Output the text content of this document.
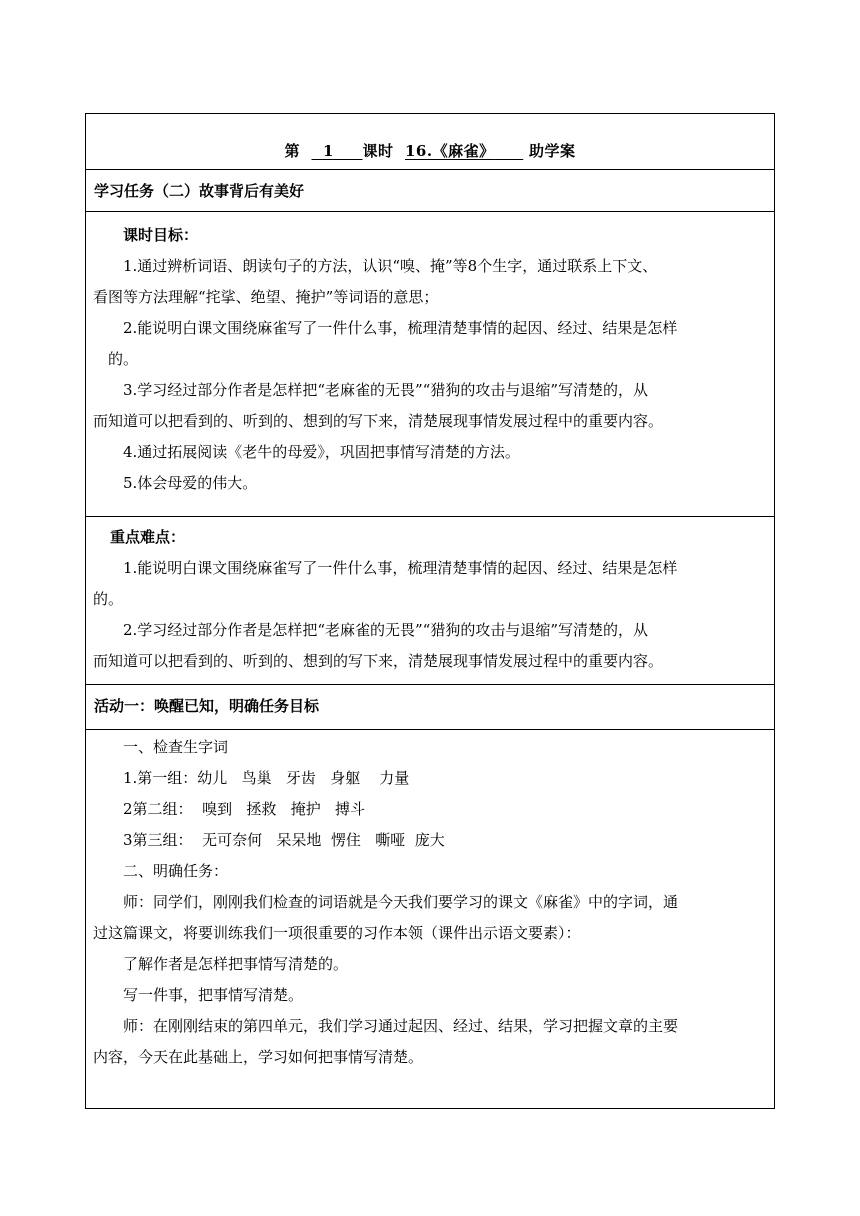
第 1 课时 16.《麻雀》 助学案
学习任务（二）故事背后有美好
课时目标：
1.通过辨析词语、朗读句子的方法，认识“嗅、掩”等8个生字，通过联系上下文、
看图等方法理解“挓挲、绝望、掩护”等词语的意思；
2.能说明白课文围绕麻雀写了一件什么事，梳理清楚事情的起因、经过、结果是怎样
的。
3.学习经过部分作者是怎样把“老麻雀的无畏”“猎狗的攻击与退缩”写清楚的，从
而知道可以把看到的、听到的、想到的写下来，清楚展现事情发展过程中的重要内容。
4.通过拓展阅读《老牛的母爱》，巩固把事情写清楚的方法。
5.体会母爱的伟大。
重点难点：
1.能说明白课文围绕麻雀写了一件什么事，梳理清楚事情的起因、经过、结果是怎样
的。
2.学习经过部分作者是怎样把“老麻雀的无畏”“猎狗的攻击与退缩”写清楚的，从
而知道可以把看到的、听到的、想到的写下来，清楚展现事情发展过程中的重要内容。
活动一：唤醒已知，明确任务目标
一、检查生字词
1.第一组：幼儿   鸟巢   牙齿   身躯    力量
2第二组：  嗅到   拯救   掩护   搏斗
3第三组：  无可奈何   呆呆地  愣住   嘶哑  庞大
二、明确任务：
师：同学们，刚刚我们检查的词语就是今天我们要学习的课文《麻雀》中的字词，通
过这篇课文，将要训练我们一项很重要的习作本领（课件出示语文要素）：
了解作者是怎样把事情写清楚的。
写一件事，把事情写清楚。
师：在刚刚结束的第四单元，我们学习通过起因、经过、结果，学习把握文章的主要
内容，今天在此基础上，学习如何把事情写清楚。
